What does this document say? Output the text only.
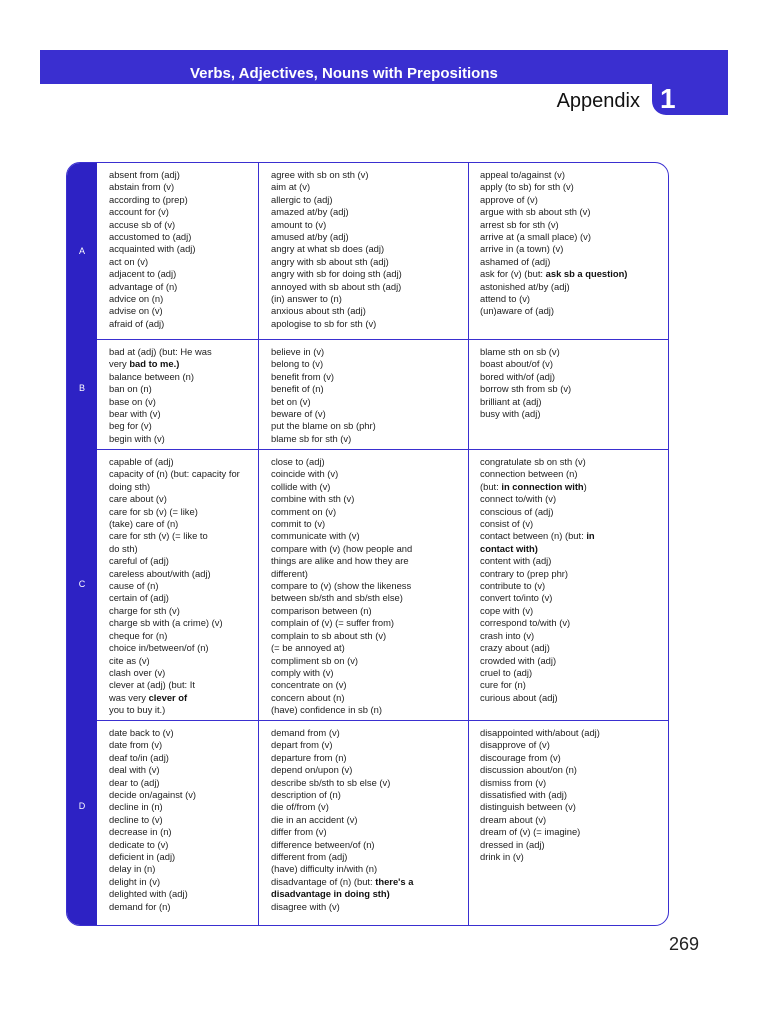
Verbs, Adjectives, Nouns with Prepositions
Appendix 1
A
absent from (adj)
abstain from (v)
according to (prep)
account for (v)
accuse sb of (v)
accustomed to (adj)
acquainted with (adj)
act on (v)
adjacent to (adj)
advantage of (n)
advice on (n)
advise on (v)
afraid of (adj)
agree with sb on sth (v)
aim at (v)
allergic to (adj)
amazed at/by (adj)
amount to (v)
amused at/by (adj)
angry at what sb does (adj)
angry with sb about sth (adj)
angry with sb for doing sth (adj)
annoyed with sb about sth (adj)
(in) answer to (n)
anxious about sth (adj)
apologise to sb for sth (v)
appeal to/against (v)
apply (to sb) for sth (v)
approve of (v)
argue with sb about sth (v)
arrest sb for sth (v)
arrive at (a small place) (v)
arrive in (a town) (v)
ashamed of (adj)
ask for (v) (but: ask sb a question)
astonished at/by (adj)
attend to (v)
(un)aware of (adj)
B
bad at (adj) (but: He was
very bad to me.)
balance between (n)
ban on (n)
base on (v)
bear with (v)
beg for (v)
begin with (v)
believe in (v)
belong to (v)
benefit from (v)
benefit of (n)
bet on (v)
beware of (v)
put the blame on sb (phr)
blame sb for sth (v)
blame sth on sb (v)
boast about/of (v)
bored with/of (adj)
borrow sth from sb (v)
brilliant at (adj)
busy with (adj)
C
capable of (adj)
capacity of (n) (but: capacity for
doing sth)
care about (v)
care for sb (v) (= like)
(take) care of (n)
care for sth (v) (= like to
do sth)
careful of (adj)
careless about/with (adj)
cause of (n)
certain of (adj)
charge for sth (v)
charge sb with (a crime) (v)
cheque for (n)
choice in/between/of (n)
cite as (v)
clash over (v)
clever at (adj) (but: It
was very clever of
you to buy it.)
close to (adj)
coincide with (v)
collide with (v)
combine with sth (v)
comment on (v)
commit to (v)
communicate with (v)
compare with (v) (how people and
things are alike and how they are
different)
compare to (v) (show the likeness
between sb/sth and sb/sth else)
comparison between (n)
complain of (v) (= suffer from)
complain to sb about sth (v)
(= be annoyed at)
compliment sb on (v)
comply with (v)
concentrate on (v)
concern about (n)
(have) confidence in sb (n)
congratulate sb on sth (v)
connection between (n)
(but: in connection with)
connect to/with (v)
conscious of (adj)
consist of (v)
contact between (n) (but: in
contact with)
content with (adj)
contrary to (prep phr)
contribute to (v)
convert to/into (v)
cope with (v)
correspond to/with (v)
crash into (v)
crazy about (adj)
crowded with (adj)
cruel to (adj)
cure for (n)
curious about (adj)
D
date back to (v)
date from (v)
deaf to/in (adj)
deal with (v)
dear to (adj)
decide on/against (v)
decline in (n)
decline to (v)
decrease in (n)
dedicate to (v)
deficient in (adj)
delay in (n)
delight in (v)
delighted with (adj)
demand for (n)
demand from (v)
depart from (v)
departure from (n)
depend on/upon (v)
describe sb/sth to sb else (v)
description of (n)
die of/from (v)
die in an accident (v)
differ from (v)
difference between/of (n)
different from (adj)
(have) difficulty in/with (n)
disadvantage of (n) (but: there's a
disadvantage in doing sth)
disagree with (v)
disappointed with/about (adj)
disapprove of (v)
discourage from (v)
discussion about/on (n)
dismiss from (v)
dissatisfied with (adj)
distinguish between (v)
dream about (v)
dream of (v) (= imagine)
dressed in (adj)
drink in (v)
269
